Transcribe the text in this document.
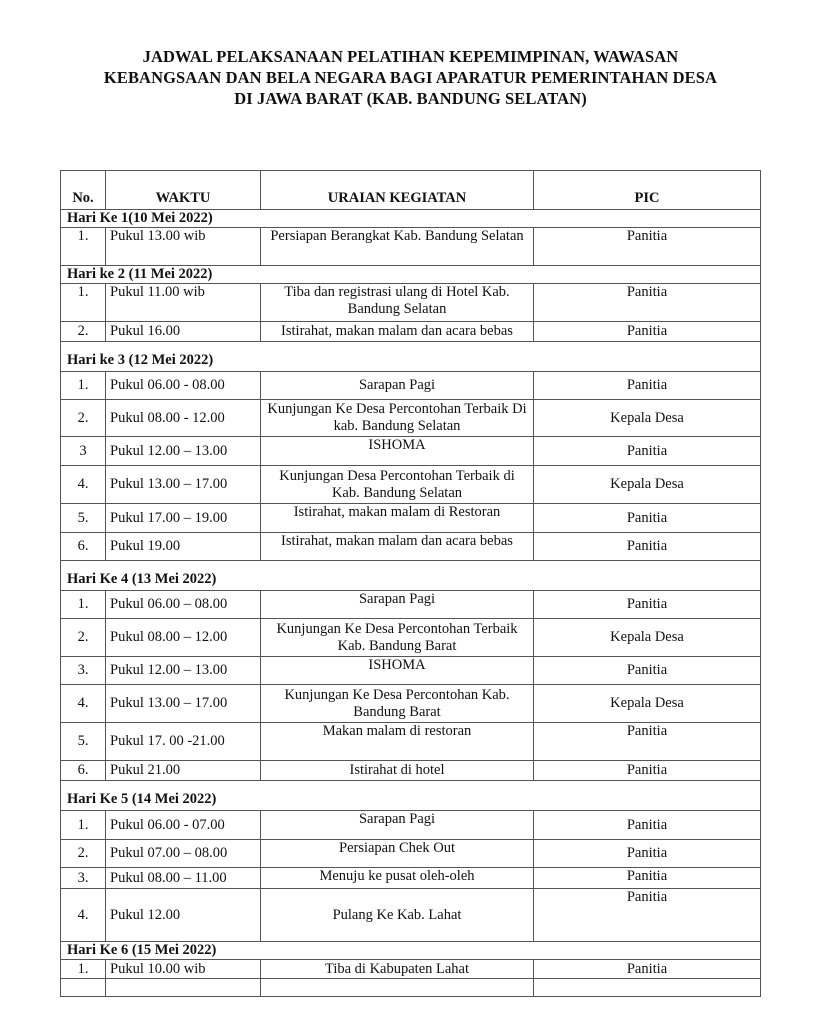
JADWAL PELAKSANAAN PELATIHAN KEPEMIMPINAN, WAWASAN
KEBANGSAAN DAN BELA NEGARA BAGI APARATUR PEMERINTAHAN DESA
DI JAWA BARAT (KAB. BANDUNG SELATAN)
No.	WAKTU	URAIAN KEGIATAN	PIC
Hari Ke 1(10 Mei 2022)			
1.	Pukul 13.00 wib	Persiapan Berangkat Kab. Bandung Selatan	Panitia
Hari ke 2 (11 Mei 2022)			
1.	Pukul 11.00 wib	Tiba dan registrasi ulang di Hotel Kab. Bandung Selatan	Panitia
2.	Pukul 16.00	Istirahat, makan malam dan acara bebas	Panitia
Hari ke 3 (12 Mei 2022)			
1.	Pukul 06.00 - 08.00	Sarapan Pagi	Panitia
2.	Pukul 08.00 - 12.00	Kunjungan Ke Desa Percontohan Terbaik Di kab. Bandung Selatan	Kepala Desa
3	Pukul 12.00 – 13.00	ISHOMA	Panitia
4.	Pukul 13.00 – 17.00	Kunjungan Desa Percontohan Terbaik di Kab. Bandung Selatan	Kepala Desa
5.	Pukul 17.00 – 19.00	Istirahat, makan malam di Restoran	Panitia
6.	Pukul 19.00	Istirahat, makan malam dan acara bebas	Panitia
Hari Ke 4 (13 Mei 2022)			
1.	Pukul 06.00 – 08.00	Sarapan Pagi	Panitia
2.	Pukul 08.00 – 12.00	Kunjungan Ke Desa Percontohan Terbaik Kab. Bandung Barat	Kepala Desa
3.	Pukul 12.00 – 13.00	ISHOMA	Panitia
4.	Pukul 13.00 – 17.00	Kunjungan Ke Desa Percontohan Kab. Bandung Barat	Kepala Desa
5.	Pukul 17. 00 -21.00	Makan malam di restoran	Panitia
6.	Pukul 21.00	Istirahat di hotel	Panitia
Hari Ke 5 (14 Mei 2022)			
1.	Pukul 06.00 - 07.00	Sarapan Pagi	Panitia
2.	Pukul 07.00 – 08.00	Persiapan Chek Out	Panitia
3.	Pukul 08.00 – 11.00	Menuju ke pusat oleh-oleh	Panitia
4.	Pukul 12.00	Pulang Ke Kab. Lahat	Panitia
Hari Ke 6 (15 Mei 2022)			
1.	Pukul 10.00 wib	Tiba di Kabupaten Lahat	Panitia
